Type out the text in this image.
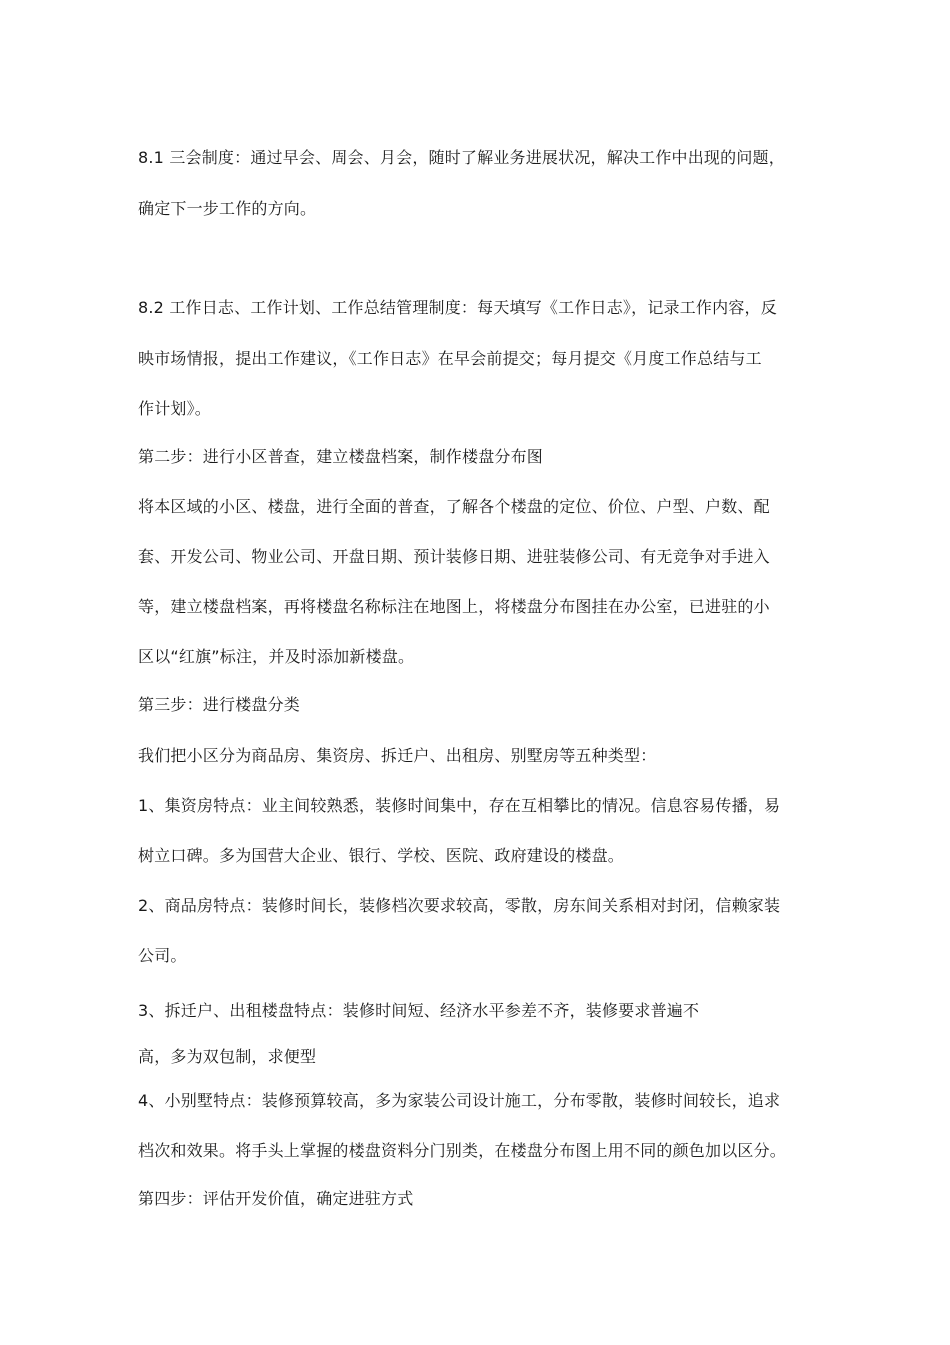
8.1 三会制度：通过早会、周会、月会，随时了解业务进展状况，解决工作中出现的问题，

确定下一步工作的方向。

8.2 工作日志、工作计划、工作总结管理制度：每天填写《工作日志》，记录工作内容，反

映市场情报，提出工作建议，《工作日志》在早会前提交；每月提交《月度工作总结与工

作计划》。

第二步：进行小区普查，建立楼盘档案，制作楼盘分布图

将本区域的小区、楼盘，进行全面的普查，了解各个楼盘的定位、价位、户型、户数、配

套、开发公司、物业公司、开盘日期、预计装修日期、进驻装修公司、有无竞争对手进入

等，建立楼盘档案，再将楼盘名称标注在地图上，将楼盘分布图挂在办公室，已进驻的小

区以“红旗”标注，并及时添加新楼盘。

第三步：进行楼盘分类

我们把小区分为商品房、集资房、拆迁户、出租房、别墅房等五种类型：

1、集资房特点：业主间较熟悉，装修时间集中，存在互相攀比的情况。信息容易传播，易

树立口碑。多为国营大企业、银行、学校、医院、政府建设的楼盘。

2、商品房特点：装修时间长，装修档次要求较高，零散，房东间关系相对封闭，信赖家装

公司。

3、拆迁户、出租楼盘特点：装修时间短、经济水平参差不齐，装修要求普遍不

高，多为双包制，求便型

4、小别墅特点：装修预算较高，多为家装公司设计施工，分布零散，装修时间较长，追求

档次和效果。将手头上掌握的楼盘资料分门别类，在楼盘分布图上用不同的颜色加以区分。

第四步：评估开发价值，确定进驻方式
